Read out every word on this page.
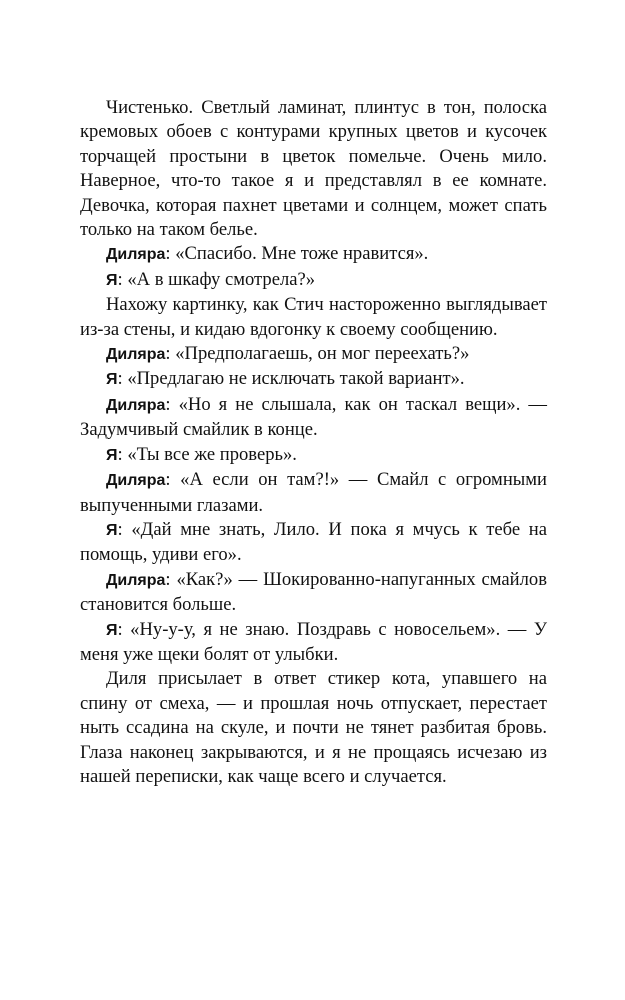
Чистенько. Светлый ламинат, плинтус в тон, полоска кремовых обоев с контурами крупных цветов и кусочек торчащей простыни в цветок помельче. Очень мило. Наверное, что-то такое я и представлял в ее комнате. Девочка, которая пахнет цветами и солнцем, может спать только на таком белье.

Диляра: «Спасибо. Мне тоже нравится».

Я: «А в шкафу смотрела?»

Нахожу картинку, как Стич настороженно выглядывает из-за стены, и кидаю вдогонку к своему сообщению.

Диляра: «Предполагаешь, он мог переехать?»

Я: «Предлагаю не исключать такой вариант».

Диляра: «Но я не слышала, как он таскал вещи». — Задумчивый смайлик в конце.

Я: «Ты все же проверь».

Диляра: «А если он там?!» — Смайл с огромными выпученными глазами.

Я: «Дай мне знать, Лило. И пока я мчусь к тебе на помощь, удиви его».

Диляра: «Как?» — Шокированно-напуганных смайлов становится больше.

Я: «Ну-у-у, я не знаю. Поздравь с новосельем». — У меня уже щеки болят от улыбки.

Диля присылает в ответ стикер кота, упавшего на спину от смеха, — и прошлая ночь отпускает, перестает ныть ссадина на скуле, и почти не тянет разбитая бровь. Глаза наконец закрываются, и я не прощаясь исчезаю из нашей переписки, как чаще всего и случается.
